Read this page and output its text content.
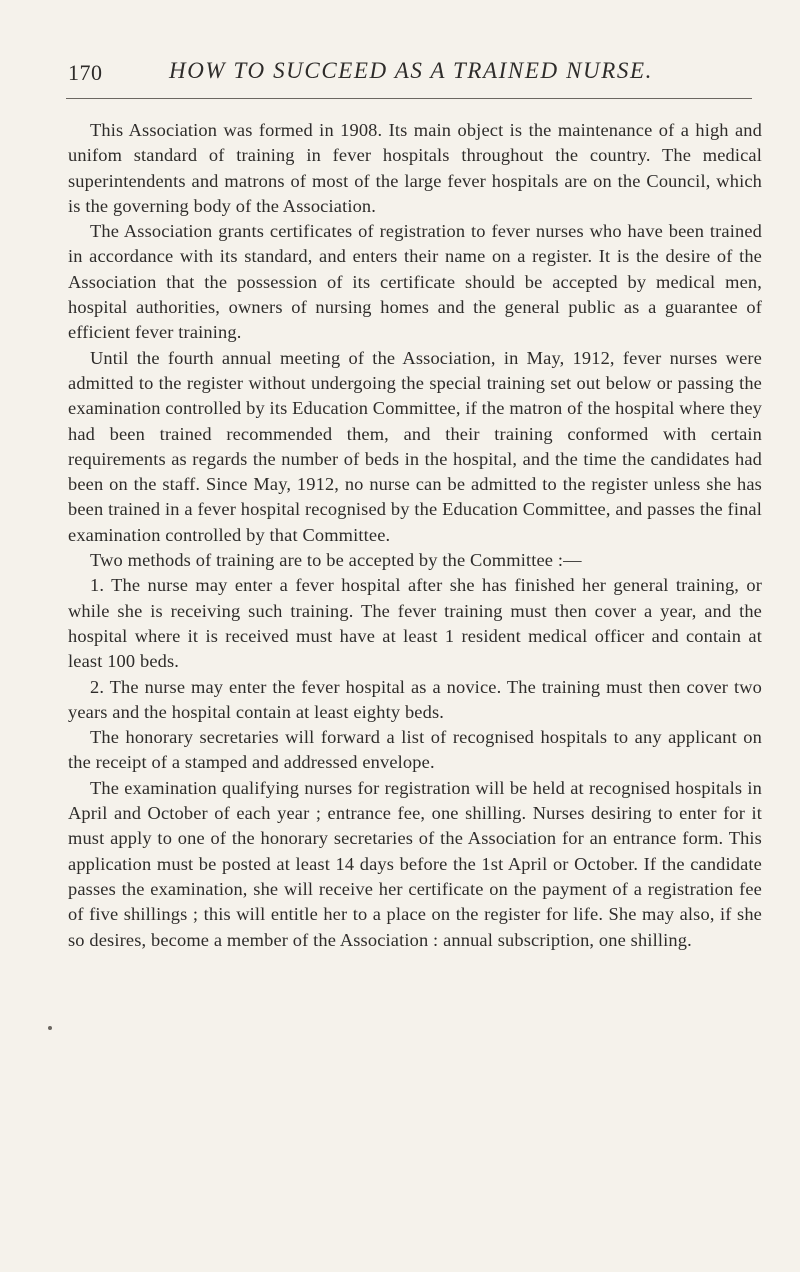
170	HOW TO SUCCEED AS A TRAINED NURSE.

This Association was formed in 1908. Its main object is the maintenance of a high and unifom standard of training in fever hospitals throughout the country. The medical superintendents and matrons of most of the large fever hospitals are on the Council, which is the governing body of the Association.

The Association grants certificates of registration to fever nurses who have been trained in accordance with its standard, and enters their name on a register. It is the desire of the Association that the possession of its certificate should be accepted by medical men, hospital authorities, owners of nursing homes and the general public as a guarantee of efficient fever training.

Until the fourth annual meeting of the Association, in May, 1912, fever nurses were admitted to the register without undergoing the special training set out below or passing the examination controlled by its Education Committee, if the matron of the hospital where they had been trained recommended them, and their training conformed with certain requirements as regards the number of beds in the hospital, and the time the candidates had been on the staff. Since May, 1912, no nurse can be admitted to the register unless she has been trained in a fever hospital recognised by the Education Committee, and passes the final examination controlled by that Committee.

Two methods of training are to be accepted by the Committee :—

1. The nurse may enter a fever hospital after she has finished her general training, or while she is receiving such training. The fever training must then cover a year, and the hospital where it is received must have at least 1 resident medical officer and contain at least 100 beds.

2. The nurse may enter the fever hospital as a novice. The training must then cover two years and the hospital contain at least eighty beds.

The honorary secretaries will forward a list of recognised hospitals to any applicant on the receipt of a stamped and addressed envelope.

The examination qualifying nurses for registration will be held at recognised hospitals in April and October of each year ; entrance fee, one shilling. Nurses desiring to enter for it must apply to one of the honorary secretaries of the Association for an entrance form. This application must be posted at least 14 days before the 1st April or October. If the candidate passes the examination, she will receive her certificate on the payment of a registration fee of five shillings ; this will entitle her to a place on the register for life. She may also, if she so desires, become a member of the Association : annual subscription, one shilling.
